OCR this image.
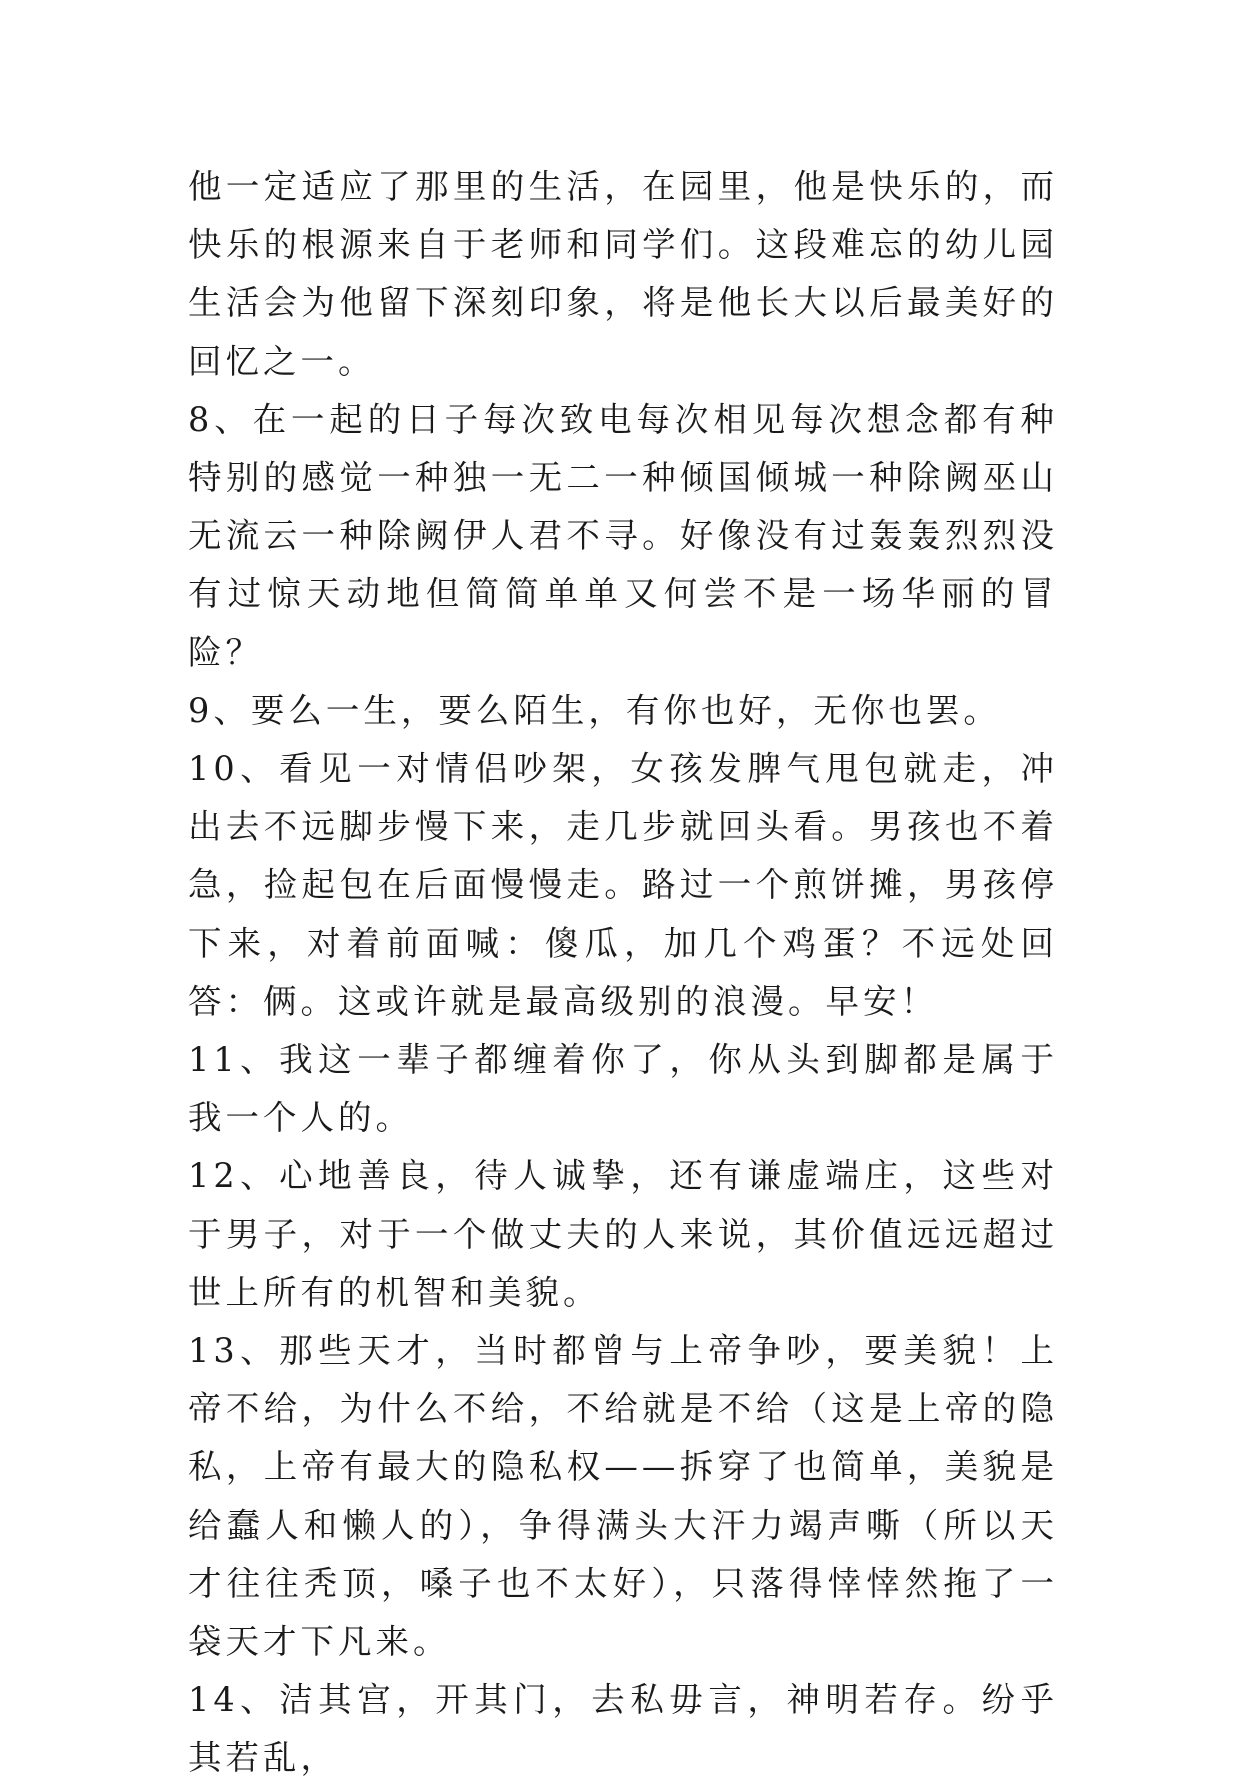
他一定适应了那里的生活，在园里，他是快乐的，而快乐的根源来自于老师和同学们。这段难忘的幼儿园生活会为他留下深刻印象，将是他长大以后最美好的回忆之一。

8、在一起的日子每次致电每次相见每次想念都有种特别的感觉一种独一无二一种倾国倾城一种除阙巫山无流云一种除阙伊人君不寻。好像没有过轰轰烈烈没有过惊天动地但简简单单又何尝不是一场华丽的冒险？

9、要么一生，要么陌生，有你也好，无你也罢。

10、看见一对情侣吵架，女孩发脾气甩包就走，冲出去不远脚步慢下来，走几步就回头看。男孩也不着急，捡起包在后面慢慢走。路过一个煎饼摊，男孩停下来，对着前面喊：傻瓜，加几个鸡蛋？不远处回答：俩。这或许就是最高级别的浪漫。早安！

11、我这一辈子都缠着你了，你从头到脚都是属于我一个人的。

12、心地善良，待人诚挚，还有谦虚端庄，这些对于男子，对于一个做丈夫的人来说，其价值远远超过世上所有的机智和美貌。

13、那些天才，当时都曾与上帝争吵，要美貌！上帝不给，为什么不给，不给就是不给（这是上帝的隐私，上帝有最大的隐私权——拆穿了也简单，美貌是给蠢人和懒人的），争得满头大汗力竭声嘶（所以天才往往秃顶，嗓子也不太好），只落得悻悻然拖了一袋天才下凡来。

14、洁其宫，开其门，去私毋言，神明若存。纷乎其若乱，
